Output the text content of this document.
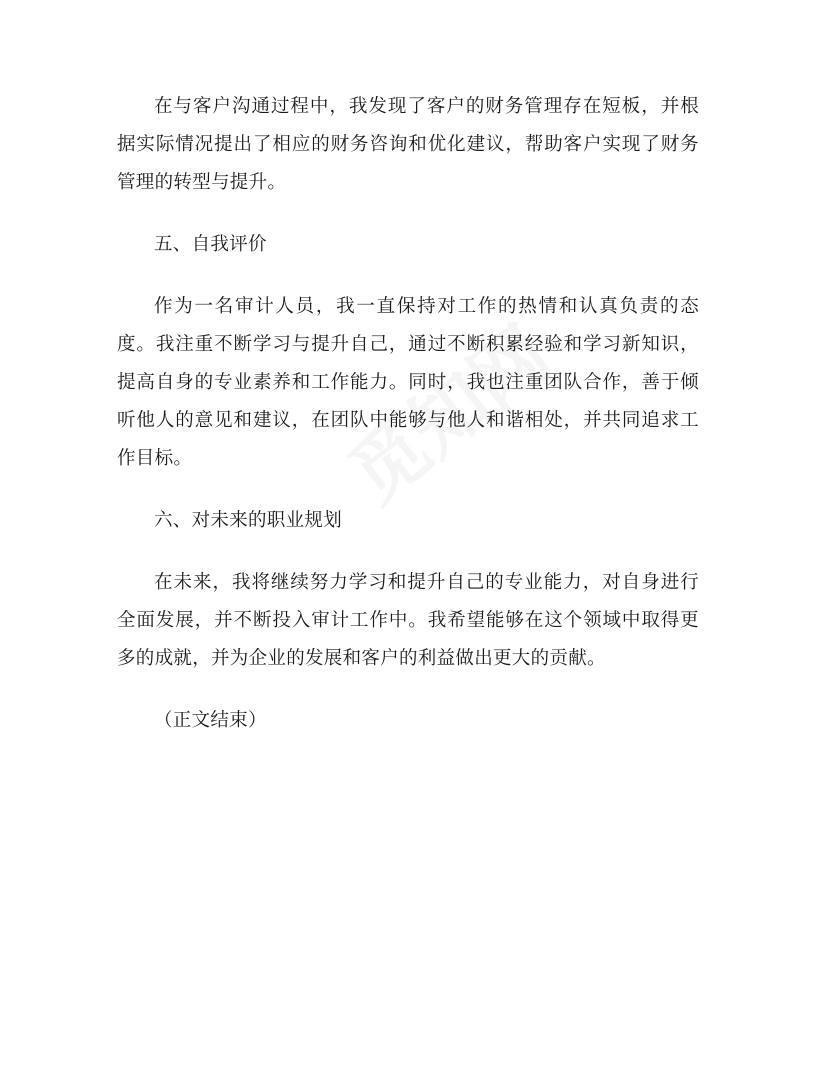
在与客户沟通过程中，我发现了客户的财务管理存在短板，并根据实际情况提出了相应的财务咨询和优化建议，帮助客户实现了财务管理的转型与提升。

五、自我评价

作为一名审计人员，我一直保持对工作的热情和认真负责的态度。我注重不断学习与提升自己，通过不断积累经验和学习新知识，提高自身的专业素养和工作能力。同时，我也注重团队合作，善于倾听他人的意见和建议，在团队中能够与他人和谐相处，并共同追求工作目标。

六、对未来的职业规划

在未来，我将继续努力学习和提升自己的专业能力，对自身进行全面发展，并不断投入审计工作中。我希望能够在这个领域中取得更多的成就，并为企业的发展和客户的利益做出更大的贡献。

（正文结束）
